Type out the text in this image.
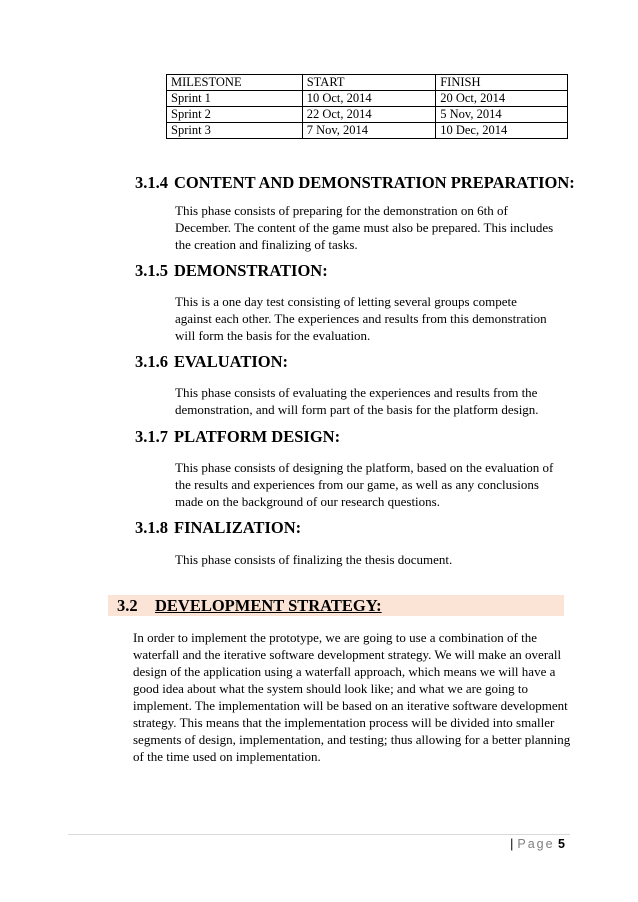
MILESTONE	START	FINISH
Sprint 1	10 Oct, 2014	20 Oct, 2014
Sprint 2	22 Oct, 2014	5 Nov, 2014
Sprint 3	7 Nov, 2014	10 Dec, 2014
3.1.4 CONTENT AND DEMONSTRATION PREPARATION:

This phase consists of preparing for the demonstration on 6th of December. The content of the game must also be prepared. This includes the creation and finalizing of tasks.

3.1.5 DEMONSTRATION:

This is a one day test consisting of letting several groups compete against each other. The experiences and results from this demonstration will form the basis for the evaluation.

3.1.6 EVALUATION:

This phase consists of evaluating the experiences and results from the demonstration, and will form part of the basis for the platform design.

3.1.7 PLATFORM DESIGN:

This phase consists of designing the platform, based on the evaluation of the results and experiences from our game, as well as any conclusions made on the background of our research questions.

3.1.8 FINALIZATION:

This phase consists of finalizing the thesis document.

3.2 DEVELOPMENT STRATEGY:

In order to implement the prototype, we are going to use a combination of the waterfall and the iterative software development strategy. We will make an overall design of the application using a waterfall approach, which means we will have a good idea about what the system should look like; and what we are going to implement. The implementation will be based on an iterative software development strategy. This means that the implementation process will be divided into smaller segments of design, implementation, and testing; thus allowing for a better planning of the time used on implementation.

| Page 5
